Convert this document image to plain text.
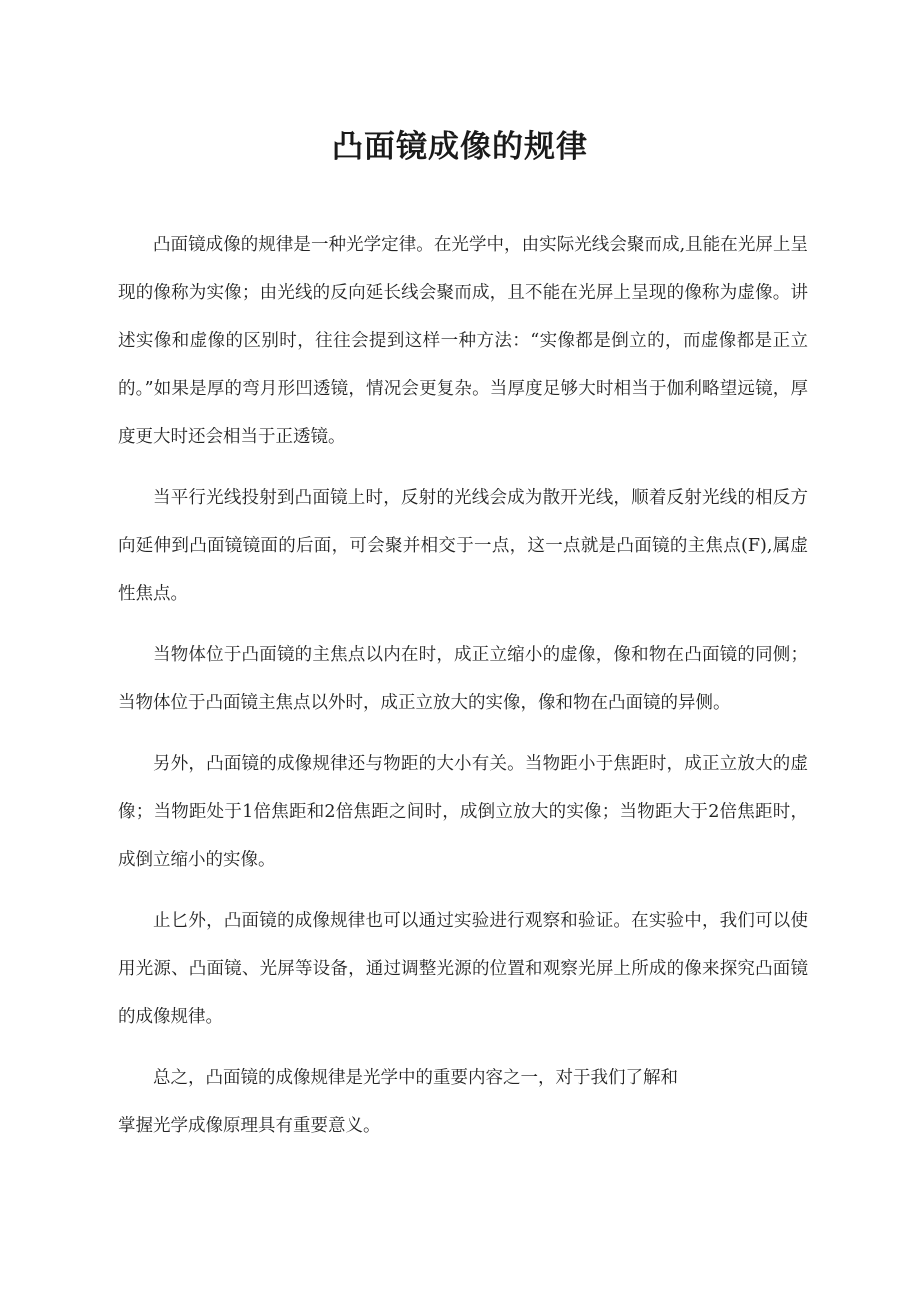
凸面镜成像的规律

凸面镜成像的规律是一种光学定律。在光学中，由实际光线会聚而成,且能在光屏上呈现的像称为实像；由光线的反向延长线会聚而成，且不能在光屏上呈现的像称为虚像。讲述实像和虚像的区别时，往往会提到这样一种方法：“实像都是倒立的，而虚像都是正立的。”如果是厚的弯月形凹透镜，情况会更复杂。当厚度足够大时相当于伽利略望远镜，厚度更大时还会相当于正透镜。

当平行光线投射到凸面镜上时，反射的光线会成为散开光线，顺着反射光线的相反方向延伸到凸面镜镜面的后面，可会聚并相交于一点，这一点就是凸面镜的主焦点(F),属虚性焦点。

当物体位于凸面镜的主焦点以内在时，成正立缩小的虚像，像和物在凸面镜的同侧；当物体位于凸面镜主焦点以外时，成正立放大的实像，像和物在凸面镜的异侧。

另外，凸面镜的成像规律还与物距的大小有关。当物距小于焦距时，成正立放大的虚像；当物距处于1倍焦距和2倍焦距之间时，成倒立放大的实像；当物距大于2倍焦距时，成倒立缩小的实像。

止匕外，凸面镜的成像规律也可以通过实验进行观察和验证。在实验中，我们可以使用光源、凸面镜、光屏等设备，通过调整光源的位置和观察光屏上所成的像来探究凸面镜的成像规律。

总之，凸面镜的成像规律是光学中的重要内容之一，对于我们了解和
掌握光学成像原理具有重要意义。
